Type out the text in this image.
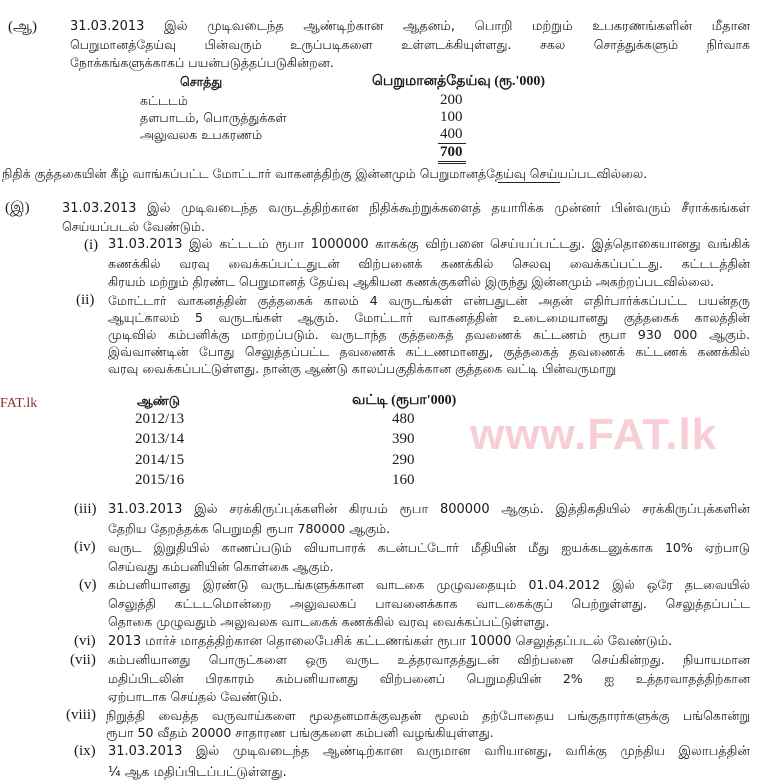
www.FAT.lk
FAT.lk
சொத்து	பெறுமானத்தேய்வு (ரூ.'000)
கட்டடம்	200
தளபாடம், பொருத்துக்கள்	100
அலுவலக உபகரணம்	400
700
நிதிக் குத்தகையின் கீழ் வாங்கப்பட்ட மோட்டார் வாகனத்திற்கு இன்னமும் பெறுமானத்தேய்வு செய்யப்படவில்லை.
ஆண்டு	வட்டி (ரூபா'000)
2012/13	480
2013/14	390
2014/15	290
2015/16	160
(ஆ)	31.03.2013 இல் முடிவடைந்த ஆண்டிற்கான ஆதனம், பொறி மற்றும் உபகரணங்களின் மீதான
பெறுமானத்தேய்வு பின்வரும் உருப்படிகளை உள்ளடக்கியுள்ளது. சகல சொத்துக்களும் நிர்வாக
நோக்கங்களுக்காகப் பயன்படுத்தப்படுகின்றன.
(இ) 31.03.2013 இல் முடிவடைந்த வருடத்திற்கான நிதிக்கூற்றுக்களைத் தயாரிக்க முன்னர் பின்வரும் சீராக்கங்கள்
செய்யப்படல் வேண்டும்.
(i) 31.03.2013 இல் கட்டடம் ரூபா 1000000 காசுக்கு விற்பனை செய்யப்பட்டது. இத்தொகையானது வங்கிக்
கணக்கில் வரவு வைக்கப்பட்டதுடன் விற்பனைக் கணக்கில் செலவு வைக்கப்பட்டது. கட்டடத்தின்
கிரயம் மற்றும் திரண்ட பெறுமானத் தேய்வு ஆகியன கணக்குகளில் இருந்து இன்னமும் அகற்றப்படவில்லை.
(ii) மோட்டார் வாகனத்தின் குத்தகைக் காலம் 4 வருடங்கள் என்பதுடன் அதன் எதிர்பார்க்கப்பட்ட பயன்தரு
ஆயுட்காலம் 5 வருடங்கள் ஆகும். மோட்டார் வாகனத்தின் உடைமையானது குத்தகைக் காலத்தின்
முடிவில் கம்பனிக்கு மாற்றப்படும். வருடாந்த குத்தகைத் தவணைக் கட்டணம் ரூபா 930 000 ஆகும்.
இவ்வாண்டின் போது செலுத்தப்பட்ட தவணைக் கட்டணமானது, குத்தகைத் தவணைக் கட்டணக் கணக்கில்
வரவு வைக்கப்பட்டுள்ளது. நான்கு ஆண்டு காலப்பகுதிக்கான குத்தகை வட்டி பின்வருமாறு
(iii) 31.03.2013 இல் சரக்கிருப்புக்களின் கிரயம் ரூபா 800000 ஆகும். இத்திகதியில் சரக்கிருப்புக்களின்
தேறிய தேறத்தக்க பெறுமதி ரூபா 780000 ஆகும்.
(iv) வருட இறுதியில் காணப்படும் வியாபாரக் கடன்பட்டோர் மீதியின் மீது ஐயக்கடனுக்காக 10% ஏற்பாடு
செய்வது கம்பனியின் கொள்கை ஆகும்.
(v) கம்பனியானது இரண்டு வருடங்களுக்கான வாடகை முழுவதையும் 01.04.2012 இல் ஒரே தடவையில்
செலுத்தி கட்டடமொன்றை அலுவலகப் பாவனைக்காக வாடகைக்குப் பெற்றுள்ளது. செலுத்தப்பட்ட
தொகை முழுவதும் அலுவலக வாடகைக் கணக்கில் வரவு வைக்கப்பட்டுள்ளது.
(vi) 2013 மார்ச் மாதத்திற்கான தொலைபேசிக் கட்டணங்கள் ரூபா 10000 செலுத்தப்படல் வேண்டும்.
(vii) கம்பனியானது பொருட்களை ஒரு வருட உத்தரவாதத்துடன் விற்பனை செய்கின்றது. நியாயமான
மதிப்பிடலின் பிரகாரம் கம்பனியானது விற்பனைப் பெறுமதியின் 2% ஐ உத்தரவாதத்திற்கான
ஏற்பாடாக செய்தல் வேண்டும்.
(viii) நிறுத்தி வைத்த வருவாய்களை மூலதனமாக்குவதன் மூலம் தற்போதைய பங்குதாரர்களுக்கு பங்கொன்று
ரூபா 50 வீதம் 20000 சாதாரண பங்குகளை கம்பனி வழங்கியுள்ளது.
(ix) 31.03.2013 இல் முடிவடைந்த ஆண்டிற்கான வருமான வரியானது, வரிக்கு முந்திய இலாபத்தின்
¼ ஆக மதிப்பிடப்பட்டுள்ளது.
